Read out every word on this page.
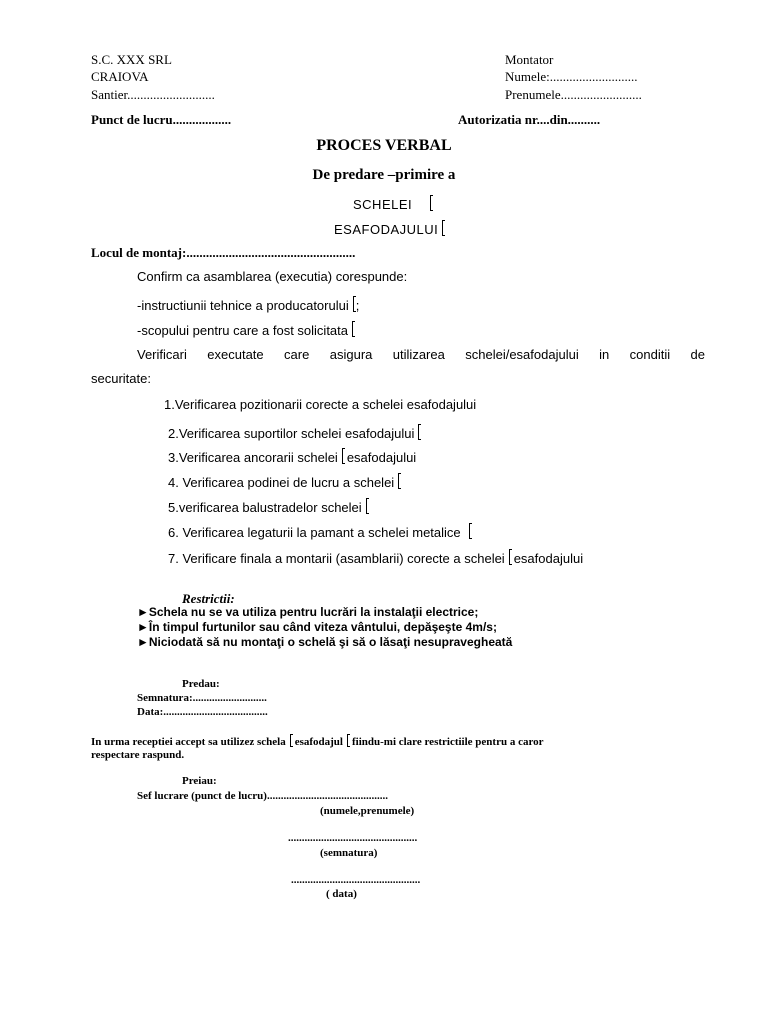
S.C. XXX SRL
CRAIOVA
Santier...........................
Punct de lucru..................
Montator
Numele:...........................
Prenumele.........................
Autorizatia nr....din..........
PROCES VERBAL
De predare –primire a
SCHELEI
ESAFODAJULUI
Locul de montaj:....................................................
Confirm ca asamblarea (executia) corespunde:
-instructiunii tehnice a producatorului ;
-scopului pentru care a fost solicitata
Verificari executate care asigura utilizarea schelei/esafodajului in conditii de
securitate:
1.Verificarea pozitionarii corecte a schelei esafodajului
2.Verificarea suportilor schelei esafodajului
3.Verificarea ancorarii schelei esafodajului
4. Verificarea podinei de lucru a schelei
5.verificarea balustradelor schelei
6. Verificarea legaturii la pamant a schelei metalice
7. Verificare finala a montarii (asamblarii) corecte a schelei esafodajului
Restrictii:
►Schela nu se va utiliza pentru lucrări la instalaţii electrice;
►În timpul furtunilor sau când viteza vântului, depăşeşte 4m/s;
►Niciodată să nu montaţi o schelă şi să o lăsaţi nesupravegheată
Predau:
Semnatura:...........................
Data:......................................
In urma receptiei accept sa utilizez schela esafodajul fiindu-mi clare restrictiile pentru a caror
respectare raspund.
Preiau:
Sef lucrare (punct de lucru)............................................
(numele,prenumele)
...............................................
(semnatura)
...............................................
( data)
